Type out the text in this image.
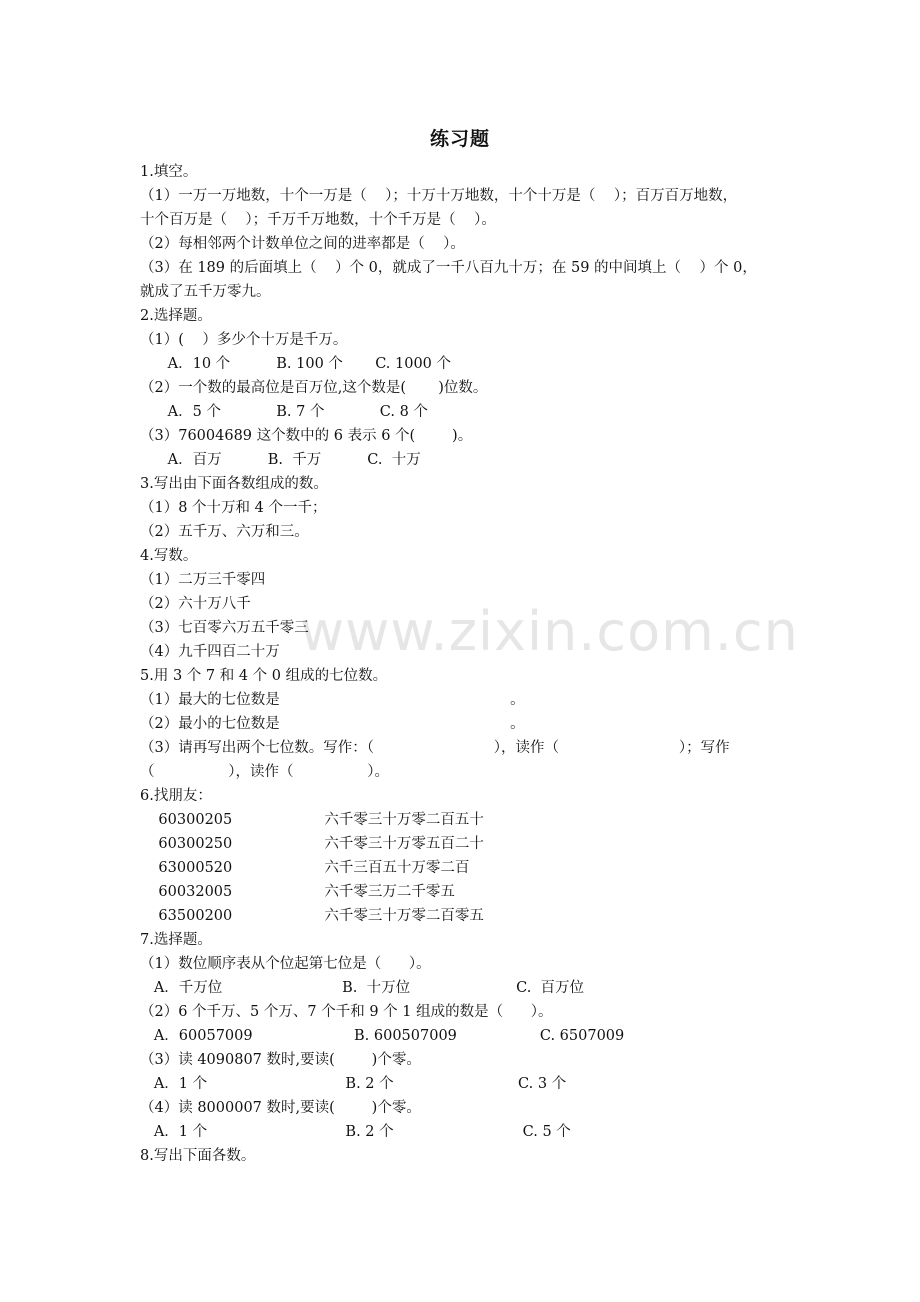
www.zixin.com.cn
练习题
1.填空。
（1）一万一万地数，十个一万是（    ）；十万十万地数，十个十万是（    ）；百万百万地数，
十个百万是（    ）；千万千万地数，十个千万是（    ）。
（2）每相邻两个计数单位之间的进率都是（    ）。
（3）在 189 的后面填上（    ）个 0，就成了一千八百九十万；在 59 的中间填上（    ）个 0，
就成了五千万零九。
2.选择题。
（1）(    ）多少个十万是千万。
A．10 个          B. 100 个       C. 1000 个
（2）一个数的最高位是百万位,这个数是(       )位数。
A．5 个            B. 7 个            C. 8 个
（3）76004689 这个数中的 6 表示 6 个(        )。
A．百万          B.  千万          C.  十万
3.写出由下面各数组成的数。
（1）8 个十万和 4 个一千；
（2）五千万、六万和三。
4.写数。
（1）二万三千零四
（2）六十万八千
（3）七百零六万五千零三
（4）九千四百二十万
5.用 3 个 7 和 4 个 0 组成的七位数。
（1）最大的七位数是                                                  。
（2）最小的七位数是                                                  。
（3）请再写出两个七位数。写作：（                          ），读作（                          ）；写作
（                ），读作（                ）。
6.找朋友：
60300205                    六千零三十万零二百五十
60300250                    六千零三十万零五百二十
63000520                    六千三百五十万零二百
60032005                    六千零三万二千零五
63500200                    六千零三十万零二百零五
7.选择题。
（1）数位顺序表从个位起第七位是（      ）。
A．千万位                          B.  十万位                       C.  百万位
（2）6 个千万、5 个万、7 个千和 9 个 1 组成的数是（      ）。
A．60057009                      B. 600507009                  C. 6507009
（3）读 4090807 数时,要读(        )个零。
A．1 个                              B. 2 个                           C. 3 个
（4）读 8000007 数时,要读(        )个零。
A．1 个                              B. 2 个                            C. 5 个
8.写出下面各数。
